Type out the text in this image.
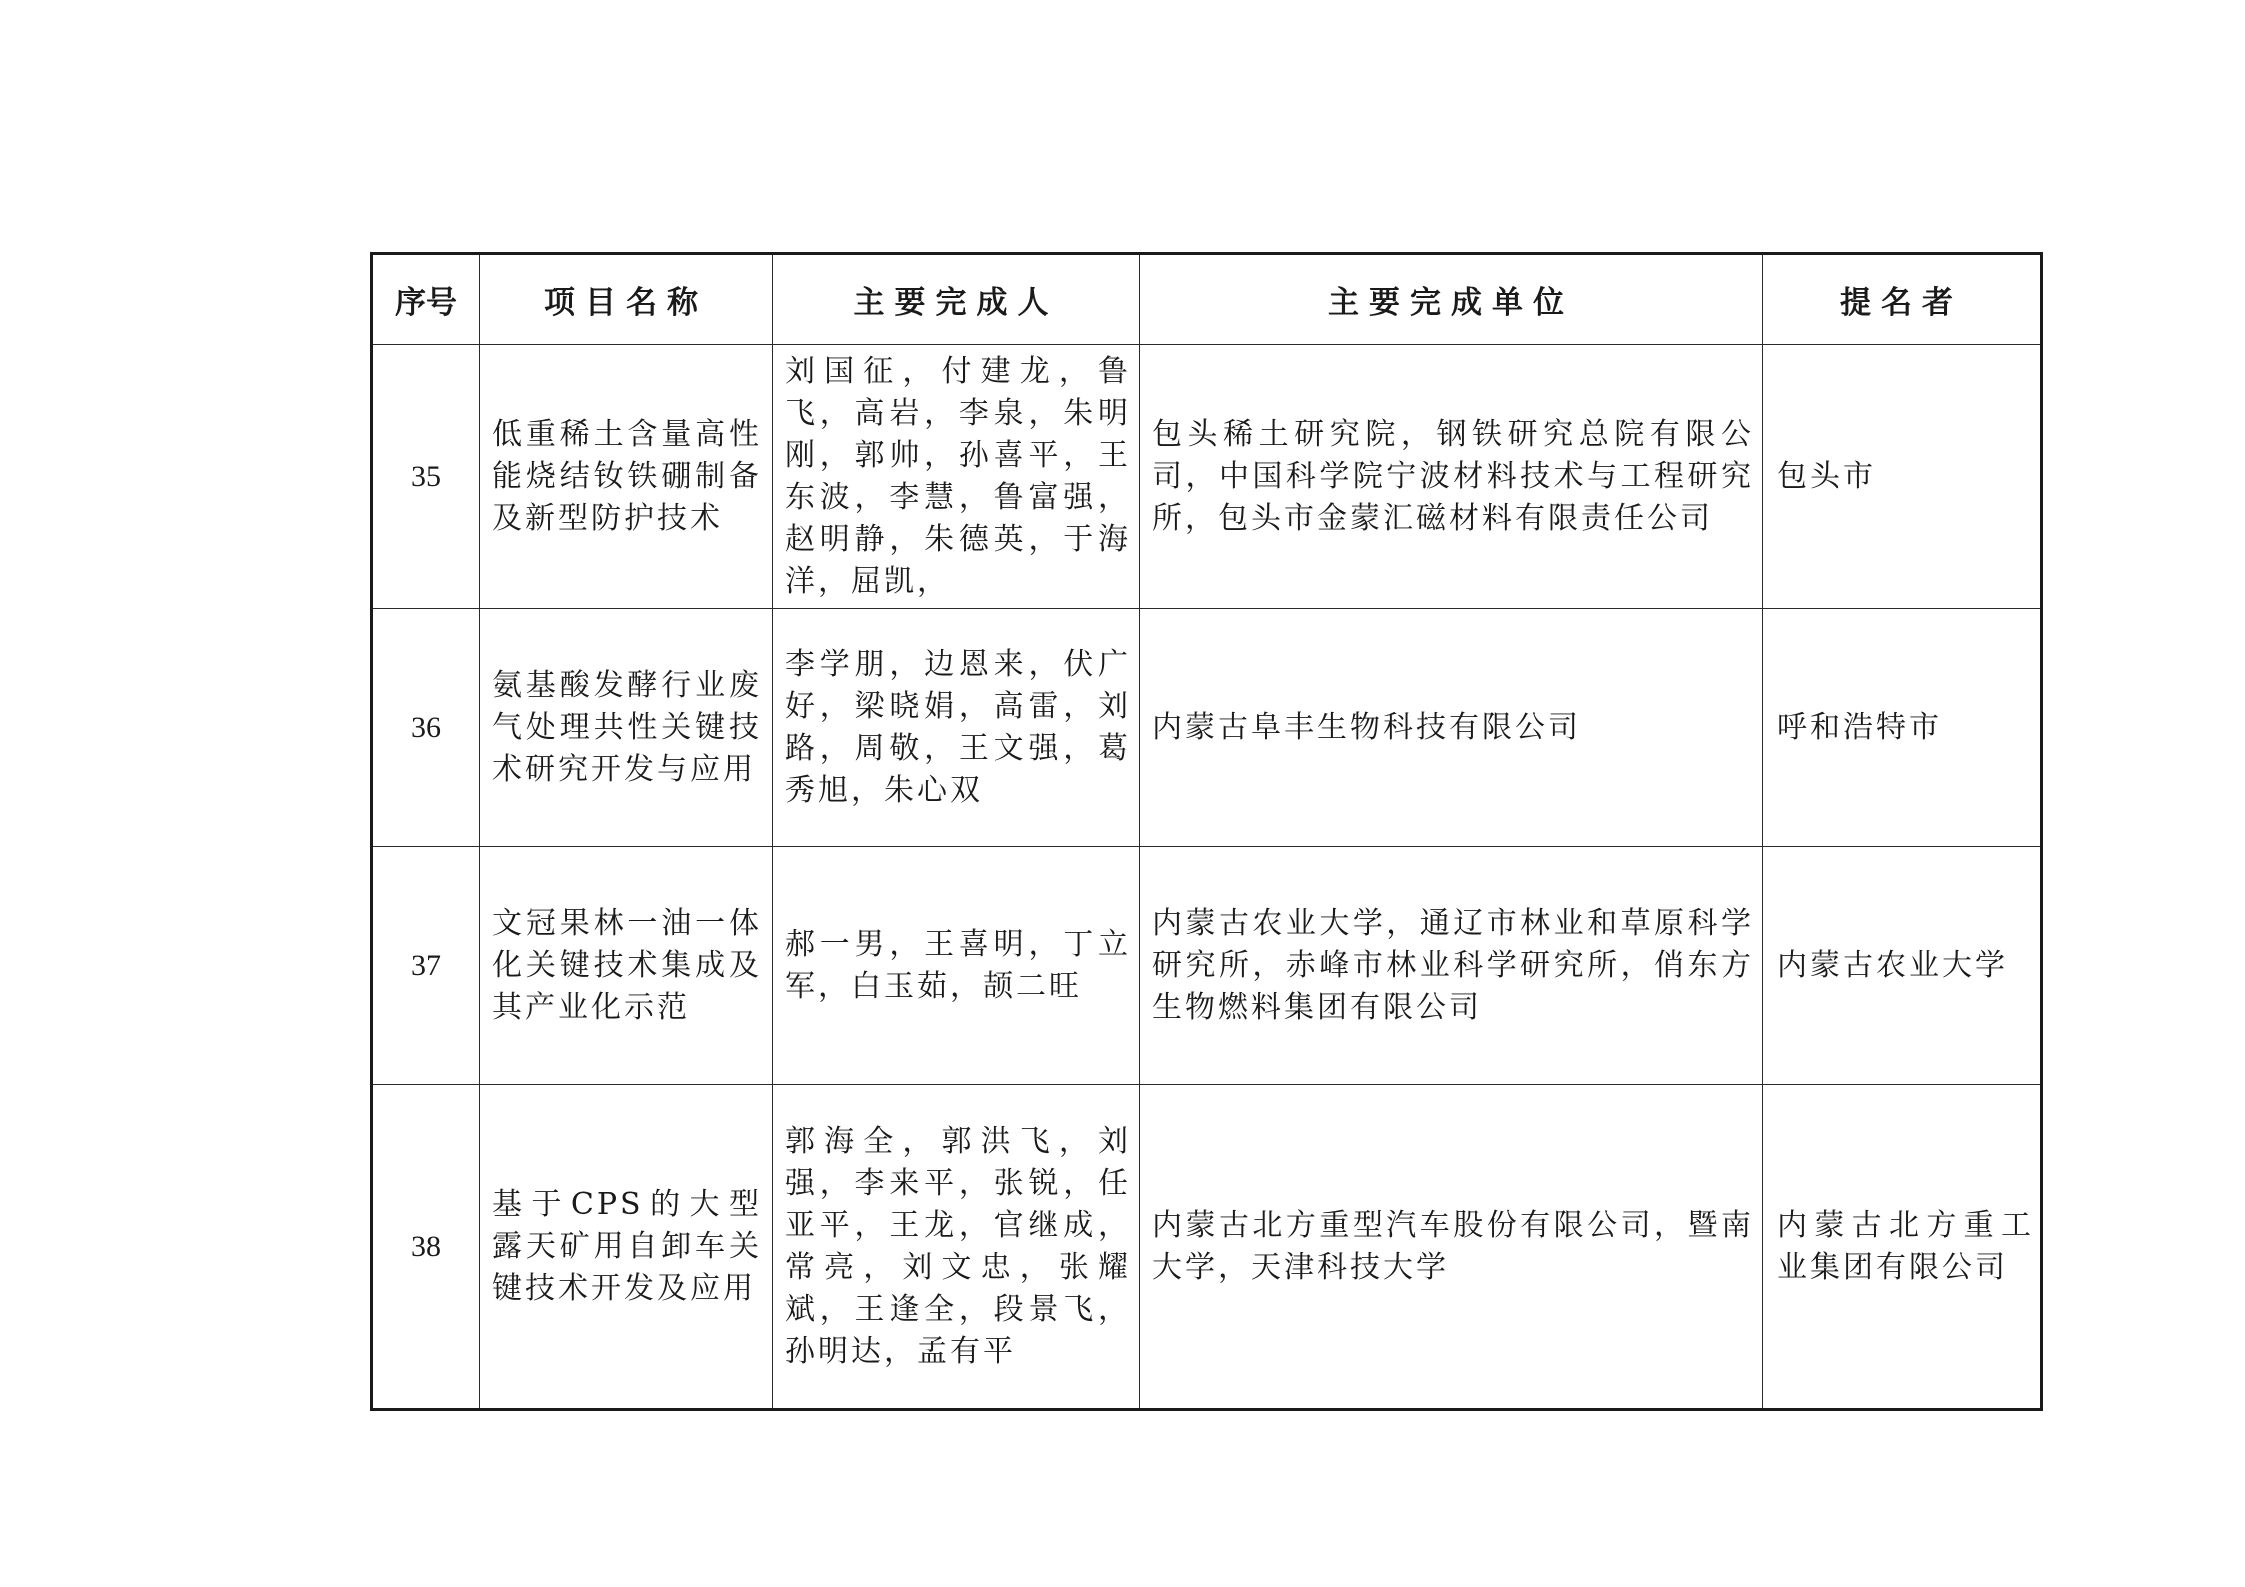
序号	项目名称	主要完成人	主要完成单位	提名者
35	低重稀土含量高性能烧结钕铁硼制备及新型防护技术	刘国征，付建龙，鲁飞，高岩，李泉，朱明刚，郭帅，孙喜平，王东波，李慧，鲁富强，赵明静，朱德英，于海洋，屈凯，	包头稀土研究院，钢铁研究总院有限公司，中国科学院宁波材料技术与工程研究所，包头市金蒙汇磁材料有限责任公司	包头市

36	氨基酸发酵行业废气处理共性关键技术研究开发与应用	李学朋，边恩来，伏广好，梁晓娟，高雷，刘路，周敬，王文强，葛秀旭，朱心双	内蒙古阜丰生物科技有限公司	呼和浩特市

37	文冠果林一油一体化关键技术集成及其产业化示范	郝一男，王喜明，丁立军，白玉茹，颉二旺	内蒙古农业大学，通辽市林业和草原科学研究所，赤峰市林业科学研究所，俏东方生物燃料集团有限公司	内蒙古农业大学

38	基于CPS的大型露天矿用自卸车关键技术开发及应用	郭海全，郭洪飞，刘强，李来平，张锐，任亚平，王龙，官继成，常亮，刘文忠，张耀斌，王逢全，段景飞，孙明达，孟有平	内蒙古北方重型汽车股份有限公司，暨南大学，天津科技大学	内蒙古北方重工业集团有限公司
